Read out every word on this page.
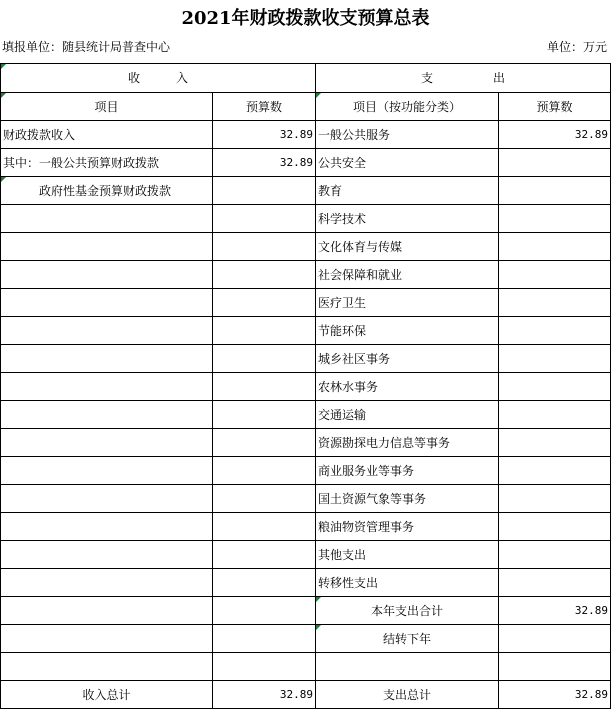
2021年财政拨款收支预算总表
填报单位：随县统计局普查中心	单位：万元
收　　　入		支　　　　　出	
项目	预算数	项目（按功能分类）	预算数
财政拨款收入	32.89	一般公共服务	32.89
其中：一般公共预算财政拨款	32.89	公共安全	
政府性基金预算财政拨款		教育	
		科学技术	
		文化体育与传媒	
		社会保障和就业	
		医疗卫生	
		节能环保	
		城乡社区事务	
		农林水事务	
		交通运输	
		资源勘探电力信息等事务	
		商业服务业等事务	
		国土资源气象等事务	
		粮油物资管理事务	
		其他支出	
		转移性支出	
		本年支出合计	32.89
		结转下年	

收入总计	32.89	支出总计	32.89
